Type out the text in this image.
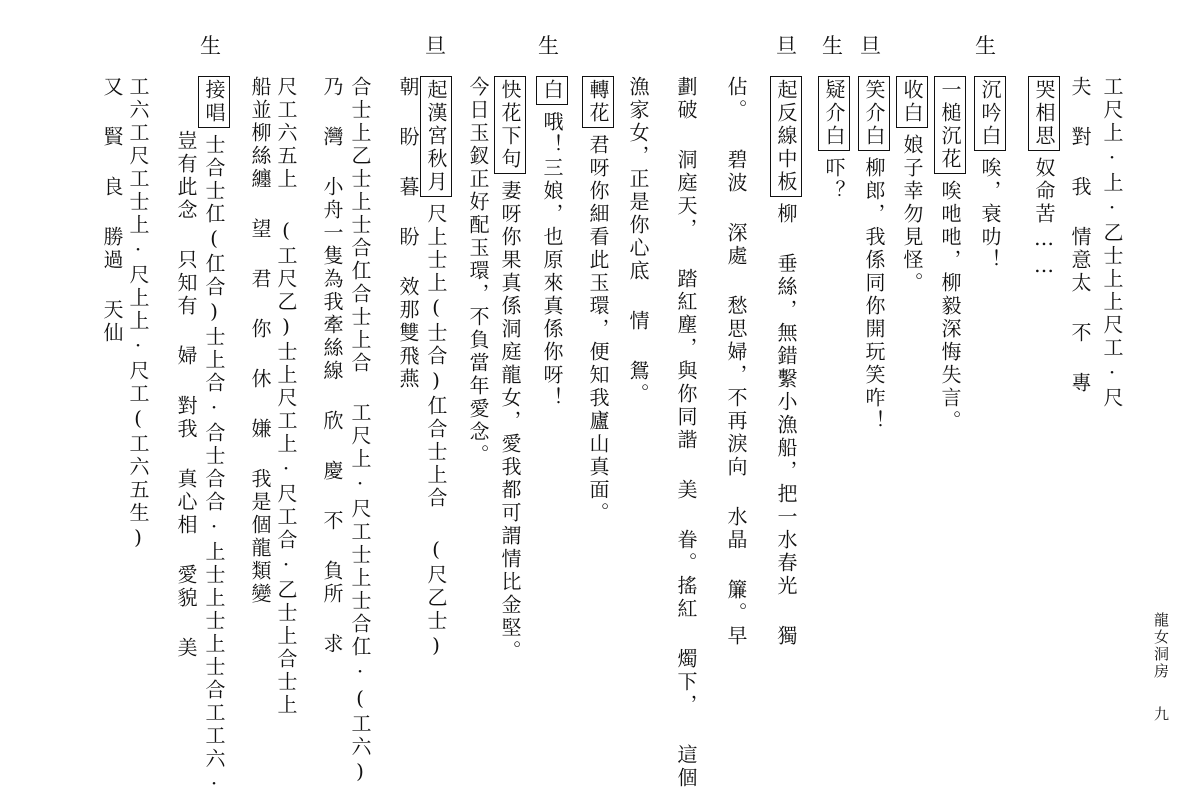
生
旦
生
旦
生
旦
生
工尺上·上·乙士上上尺工·尺
夫 對 我 情意太 不 專
哭相思奴命苦……
沉吟白唉，衰叻！
一槌沉花唉吔吔，柳毅深悔失言。
收白娘子幸勿見怪。
笑介白柳郎，我係同你開玩笑咋！
疑介白吓？
起反線中板柳 垂絲，無錯繫小漁船，把一水春光 獨
佔。 碧波 深處 愁思婦，不再淚向 水晶 簾。早
劃破 洞庭天， 踏紅塵，與你同諧 美 眷。搖紅 燭下， 這個
漁家女，正是你心底 情 鴛。
轉花君呀你細看此玉環，便知我廬山真面。
白哦！三娘，也原來真係你呀！
快花下句妻呀你果真係洞庭龍女，愛我都可謂情比金堅。
今日玉釵正好配玉環，不負當年愛念。
起漢宮秋月尺上士上(士合)仜合士上合 (尺乙士)
朝 盼 暮 盼 效那雙飛燕
合士上乙士上士合仜合士上合 工尺上·尺工士上士合仜·(工六)
乃 灣 小舟一隻為我牽絲線 欣 慶 不 負所 求
尺工六五上 (工尺乙)士上尺工上·尺工合·乙士上合士上
船並柳絲纏 望 君 你 休 嫌 我是個龍類變
接唱士合士仜(仜合)士上合·合士合合·上士上士上士合工工六·
豈有此念 只知有 婦 對我 真心相 愛貌 美
工六工尺工士上·尺上上·尺工(工六五生)
又 賢 良 勝過 天仙
龍女洞房
九
